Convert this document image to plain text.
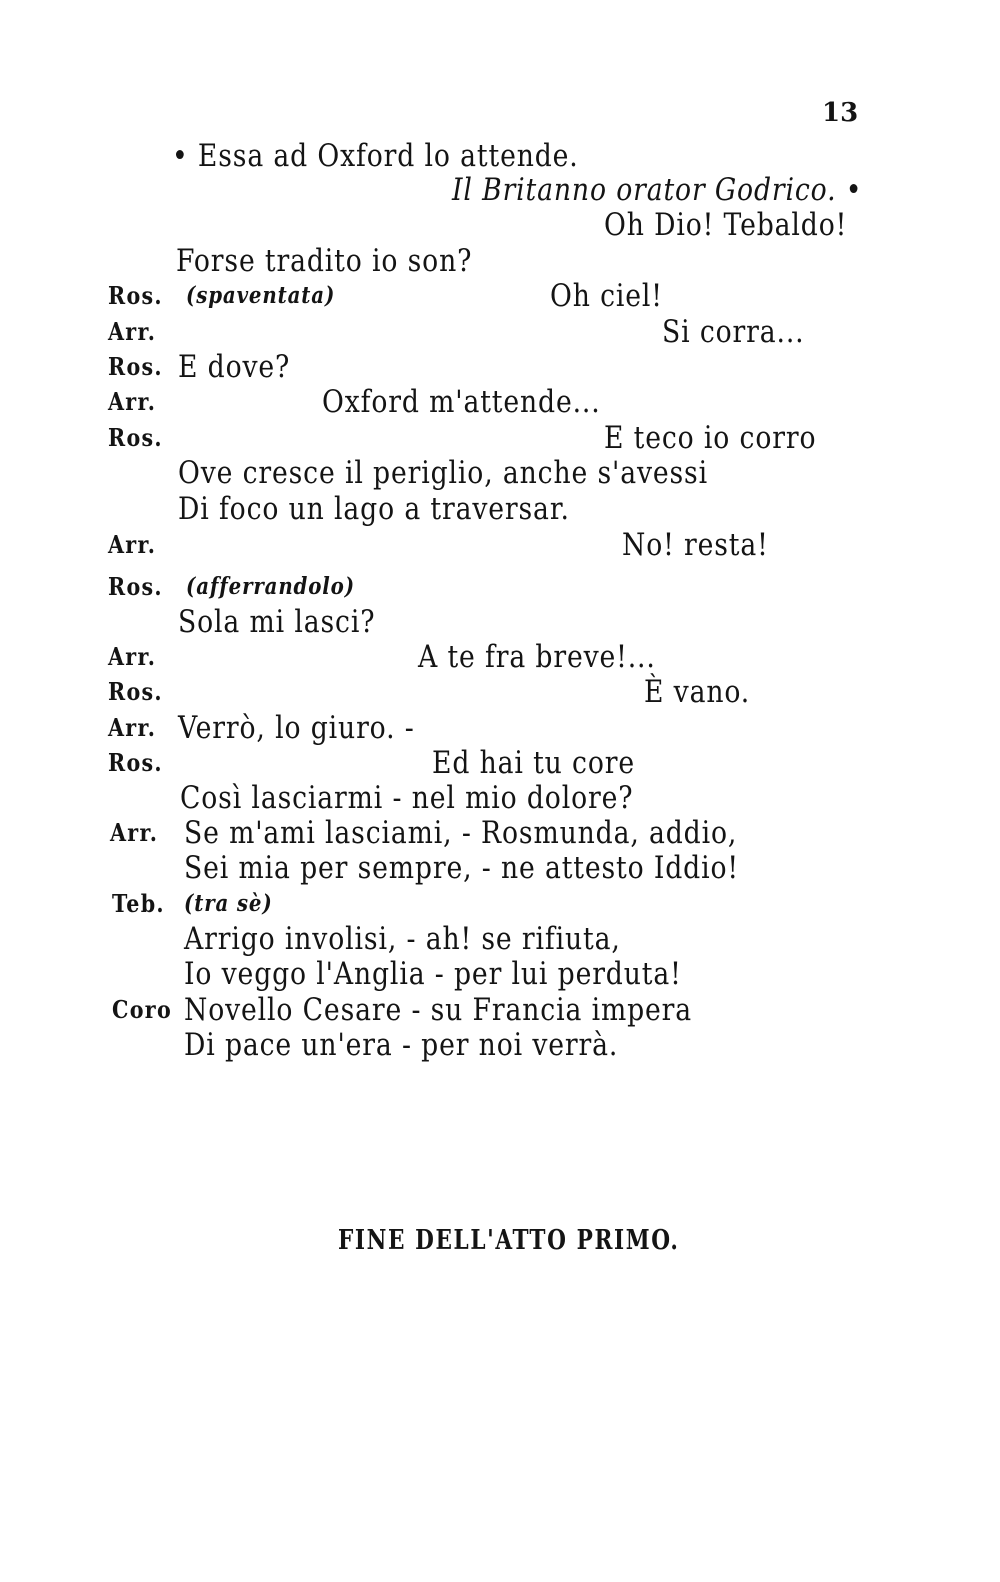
13
• Essa ad Oxford lo attende.
Il Britanno orator Godrico. •
Oh Dio! Tebaldo!
Forse tradito io son?
Ros. (spaventata)	Oh ciel!
Arr.	Si corra...
Ros. E dove?
Arr.	Oxford m'attende...
Ros.	E teco io corro
Ove cresce il periglio, anche s'avessi
Di foco un lago a traversar.
Arr.	No! resta!
Ros. (afferrandolo)
Sola mi lasci?
Arr.	A te fra breve!...
Ros.	È vano.
Arr. Verrò, lo giuro. -
Ros.	Ed hai tu core
Così lasciarmi - nel mio dolore?
Arr. Se m'ami lasciami, - Rosmunda, addio,
Sei mia per sempre, - ne attesto Iddio!
Teb. (tra sè)
Arrigo involisi, - ah! se rifiuta,
Io veggo l'Anglia - per lui perduta!
Coro Novello Cesare - su Francia impera
Di pace un'era - per noi verrà.
FINE DELL'ATTO PRIMO.
